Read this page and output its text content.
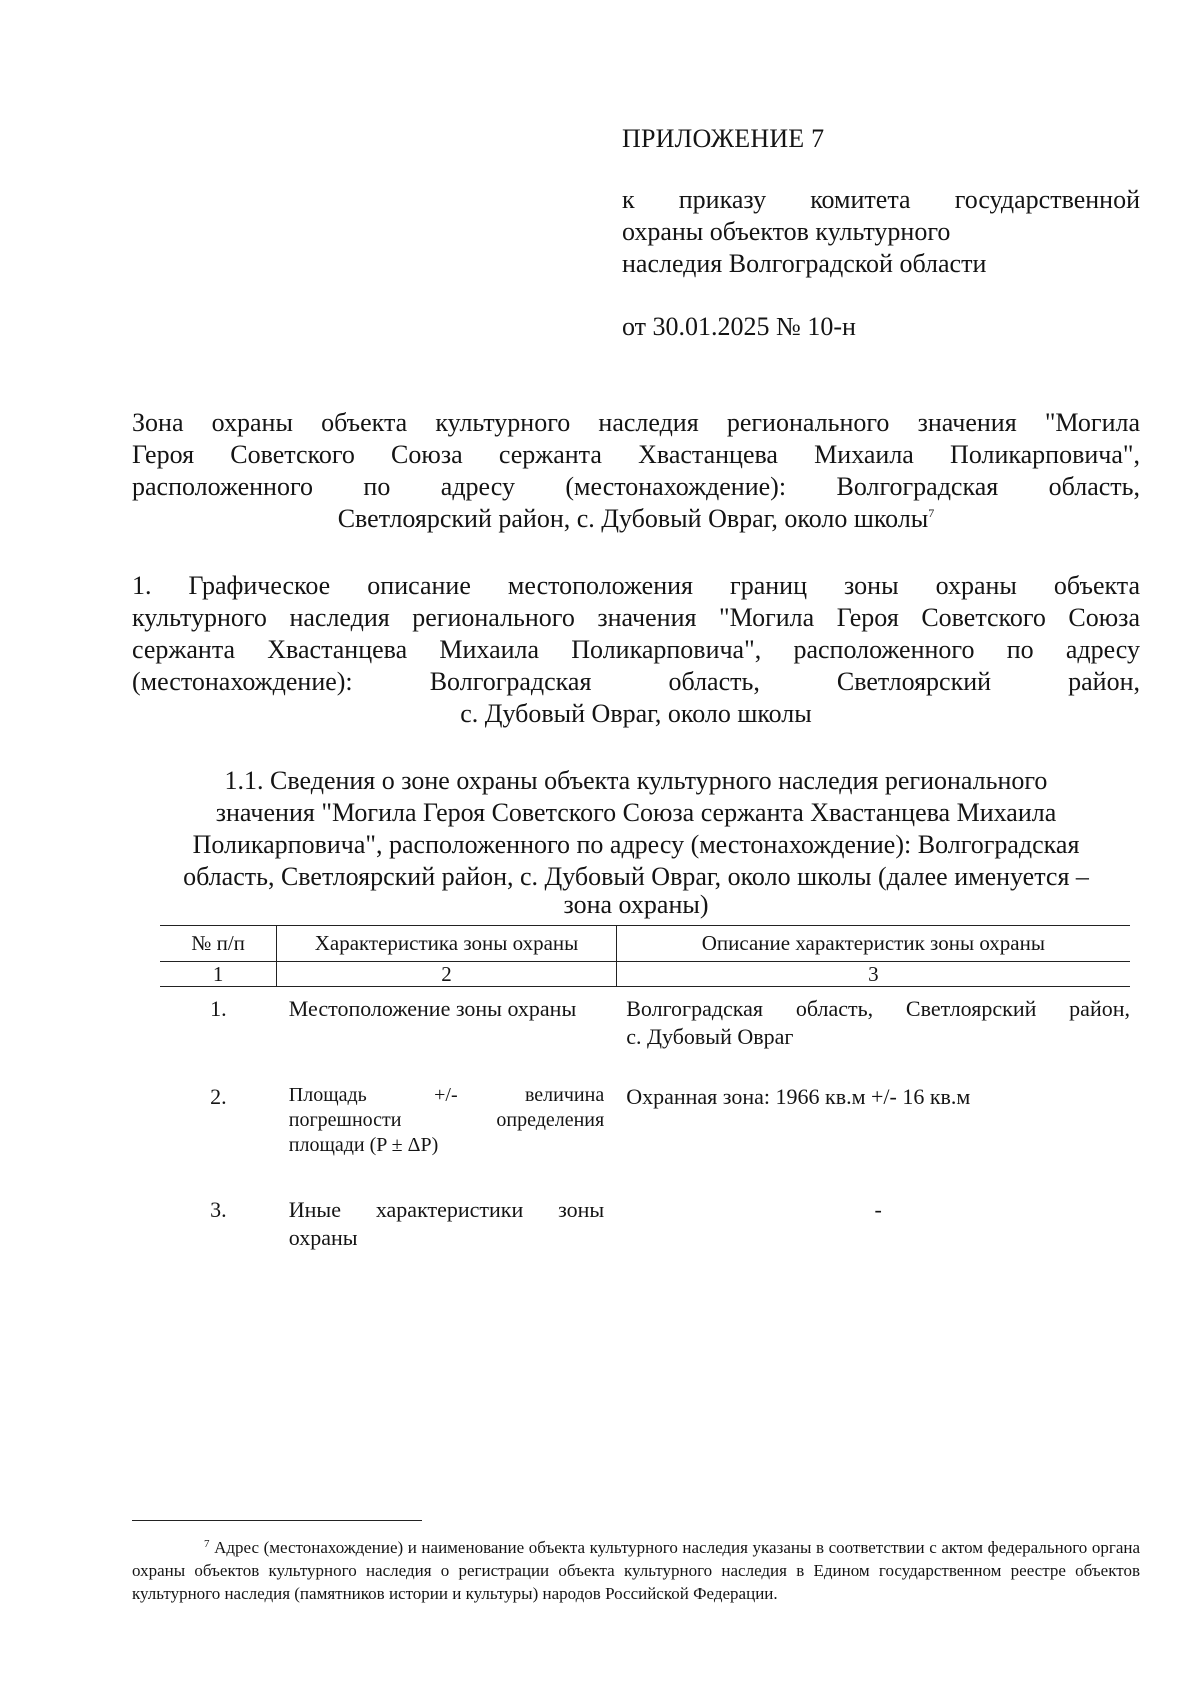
ПРИЛОЖЕНИЕ 7
к приказу комитета государственной
охраны объектов культурного
наследия Волгоградской области
от 30.01.2025 № 10-н
Зона охраны объекта культурного наследия регионального значения "Могила
Героя Советского Союза сержанта Хвастанцева Михаила Поликарповича",
расположенного по адресу (местонахождение): Волгоградская область,
Светлоярский район, с. Дубовый Овраг, около школы$^7$
1. Графическое описание местоположения границ зоны охраны объекта
культурного наследия регионального значения "Могила Героя Советского Союза
сержанта Хвастанцева Михаила Поликарповича", расположенного по адресу
(местонахождение): Волгоградская область, Светлоярский район,
с. Дубовый Овраг, около школы
1.1. Сведения о зоне охраны объекта культурного наследия регионального
значения "Могила Героя Советского Союза сержанта Хвастанцева Михаила
Поликарповича", расположенного по адресу (местонахождение): Волгоградская
область, Светлоярский район, с. Дубовый Овраг, около школы (далее именуется –
зона охраны)
№ п/п	Характеристика зоны охраны	Описание характеристик зоны охраны
1	2	3
1.	Местоположение зоны охраны	Волгоградская область, Светлоярский район,
с. Дубовый Овраг

2.	Площадь +/- величина
погрешности определения
площади (P ± ΔP)	Охранная зона: 1966 кв.м +/- 16 кв.м
3.	Иные характеристики зоны
охраны	-
$^7$ Адрес (местонахождение) и наименование объекта культурного наследия указаны в соответствии с актом федерального органа охраны объектов культурного наследия о регистрации объекта культурного наследия в Едином государственном реестре объектов культурного наследия (памятников истории и культуры) народов Российской Федерации.
